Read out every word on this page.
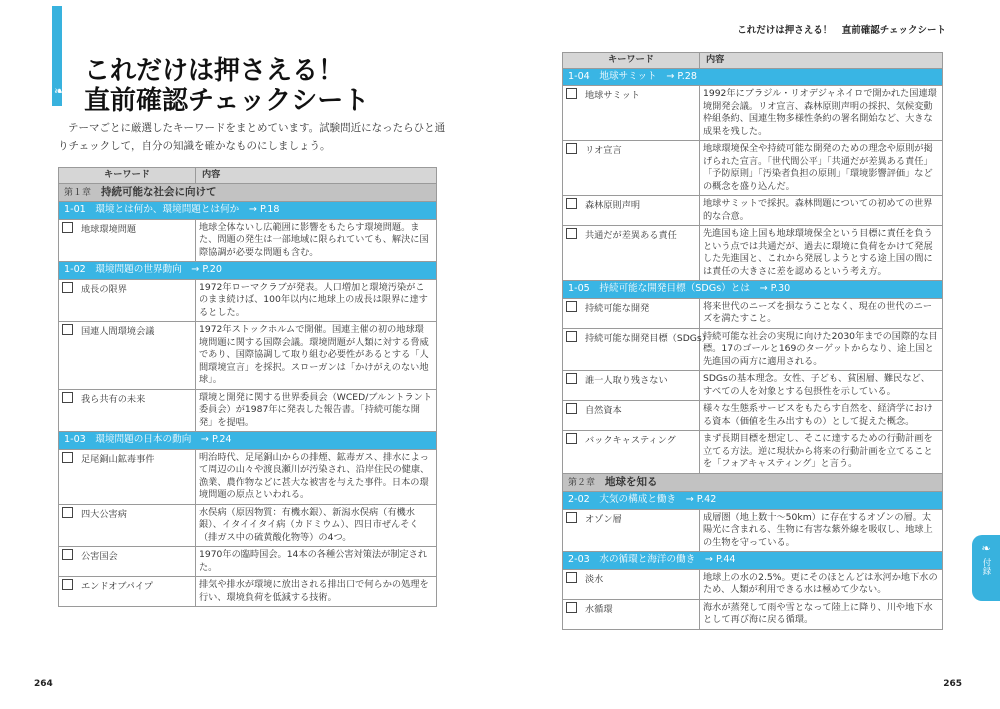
❧
これだけは押さえる！
直前確認チェックシート

テーマごとに厳選したキーワードをまとめています。試験問近になったらひと通りチェックして，自分の知識を確かなものにしましょう。

キーワード	内容
第１章 持続可能な社会に向けて	
1-01　環境とは何か、環境問題とは何か　→ P.18	
地球環境問題	地球全体ないし広範囲に影響をもたらす環境問題。また、問題の発生は一部地域に限られていても、解決に国際協調が必要な問題も含む。
1-02　環境問題の世界動向　→ P.20	
成長の限界	1972年ローマクラブが発表。人口増加と環境汚染がこのまま続けば、100年以内に地球上の成長は限界に達するとした。
国連人間環境会議	1972年ストックホルムで開催。国連主催の初の地球環境問題に関する国際会議。環境問題が人類に対する脅威であり、国際協調して取り組む必要性があるとする「人間環境宣言」を採択。スローガンは「かけがえのない地球」。
我ら共有の未来	環境と開発に関する世界委員会（WCED/ブルントラント委員会）が1987年に発表した報告書。「持続可能な開発」を提唱。
1-03　環境問題の日本の動向　→ P.24	
足尾銅山鉱毒事件	明治時代、足尾銅山からの排煙、鉱毒ガス、排水によって周辺の山々や渡良瀬川が汚染され、沿岸住民の健康、漁業、農作物などに甚大な被害を与えた事件。日本の環境問題の原点といわれる。
四大公害病	水俣病（原因物質：有機水銀）、新潟水俣病（有機水銀）、イタイイタイ病（カドミウム）、四日市ぜんそく（排ガス中の硫黄酸化物等）の4つ。
公害国会	1970年の臨時国会。14本の各種公害対策法が制定された。
エンドオブパイプ	排気や排水が環境に放出される排出口で何らかの処理を行い、環境負荷を低減する技術。
264
これだけは押さえる！　直前確認チェックシート
キーワード	内容
1-04　地球サミット　→ P.28	
地球サミット	1992年にブラジル・リオデジャネイロで開かれた国連環境開発会議。リオ宣言、森林原則声明の採択、気候変動枠組条約、国連生物多様性条約の署名開始など、大きな成果を残した。
リオ宣言	地球環境保全や持続可能な開発のための理念や原則が掲げられた宣言。「世代間公平」「共通だが差異ある責任」「予防原則」「汚染者負担の原則」「環境影響評価」などの概念を盛り込んだ。
森林原則声明	地球サミットで採択。森林問題についての初めての世界的な合意。
共通だが差異ある責任	先進国も途上国も地球環境保全という目標に責任を負うという点では共通だが、過去に環境に負荷をかけて発展した先進国と、これから発展しようとする途上国の間には責任の大きさに差を認めるという考え方。
1-05　持続可能な開発目標（SDGs）とは　→ P.30	
持続可能な開発	将来世代のニーズを損なうことなく、現在の世代のニーズを満たすこと。
持続可能な開発目標（SDGs）	持続可能な社会の実現に向けた2030年までの国際的な目標。17のゴールと169のターゲットからなり、途上国と先進国の両方に適用される。
誰一人取り残さない	SDGsの基本理念。女性、子ども、貧困層、難民など、すべての人を対象とする包摂性を示している。
自然資本	様々な生態系サービスをもたらす自然を、経済学における資本（価値を生み出すもの）として捉えた概念。
バックキャスティング	まず長期目標を想定し、そこに達するための行動計画を立てる方法。逆に現状から将来の行動計画を立てることを「フォアキャスティング」と言う。
第２章 地球を知る	
2-02　大気の構成と働き　→ P.42	
オゾン層	成層圏（地上数十～50km）に存在するオゾンの層。太陽光に含まれる、生物に有害な紫外線を吸収し、地球上の生物を守っている。
2-03　水の循環と海洋の働き　→ P.44	
淡水	地球上の水の2.5%。更にそのほとんどは氷河か地下水のため、人類が利用できる水は極めて少ない。
水循環	海水が蒸発して雨や雪となって陸上に降り、川や地下水として再び海に戻る循環。
❧
付録
265
